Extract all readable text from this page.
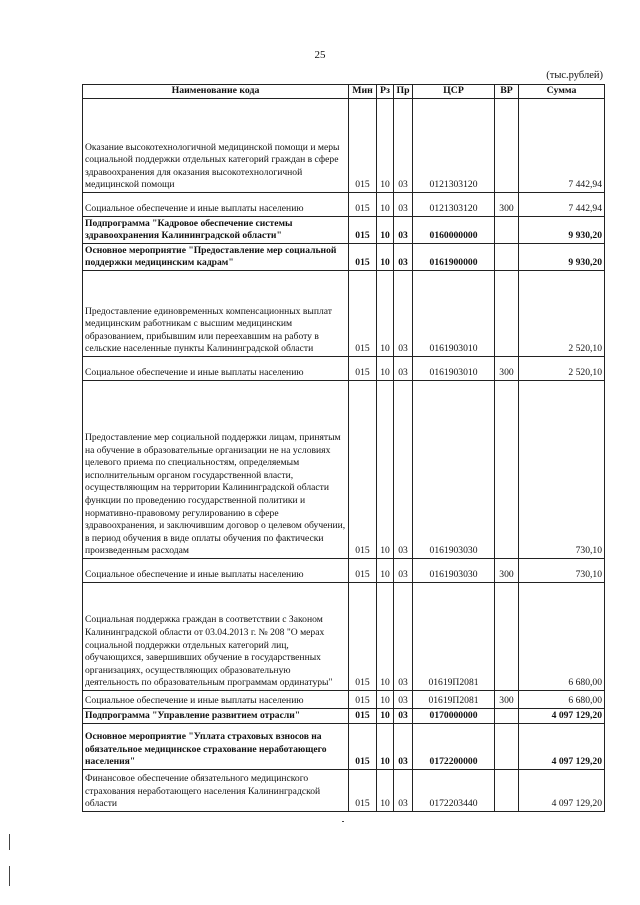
25
(тыс.рублей)
Наименование кода	Мин	Рз	Пр	ЦСР	ВР	Сумма
Оказание высокотехнологичной медицинской помощи и меры социальной поддержки отдельных категорий граждан в сфере здравоохранения для оказания высокотехнологичной медицинской помощи	015	10	03	0121303120		7 442,94
Социальное обеспечение и иные выплаты населению	015	10	03	0121303120	300	7 442,94
Подпрограмма "Кадровое обеспечение системы здравоохранения Калининградской области"	015	10	03	0160000000		9 930,20
Основное мероприятие "Предоставление мер социальной поддержки медицинским кадрам"	015	10	03	0161900000		9 930,20
Предоставление единовременных компенсационных выплат медицинским работникам с высшим медицинским образованием, прибывшим или переехавшим на работу в сельские населенные пункты Калининградской области	015	10	03	0161903010		2 520,10
Социальное обеспечение и иные выплаты населению	015	10	03	0161903010	300	2 520,10
Предоставление мер социальной поддержки лицам, принятым на обучение в образовательные организации не на условиях целевого приема по специальностям, определяемым исполнительным органом государственной власти, осуществляющим на территории Калининградской области функции по проведению государственной политики и нормативно-правовому регулированию в сфере здравоохранения, и заключившим договор о целевом обучении, в период обучения в виде оплаты обучения по фактически произведенным расходам	015	10	03	0161903030		730,10
Социальное обеспечение и иные выплаты населению	015	10	03	0161903030	300	730,10
Социальная поддержка граждан в соответствии с Законом Калининградской области от 03.04.2013 г. № 208 "О мерах социальной поддержки отдельных категорий лиц, обучающихся, завершивших обучение в государственных организациях, осуществляющих образовательную деятельность по образовательным программам ординатуры"	015	10	03	01619П2081		6 680,00
Социальное обеспечение и иные выплаты населению	015	10	03	01619П2081	300	6 680,00
Подпрограмма "Управление развитием отрасли"	015	10	03	0170000000		4 097 129,20
Основное мероприятие "Уплата страховых взносов на обязательное медицинское страхование неработающего населения"	015	10	03	0172200000		4 097 129,20
Финансовое обеспечение обязательного медицинского страхования неработающего населения Калининградской области	015	10	03	0172203440		4 097 129,20
